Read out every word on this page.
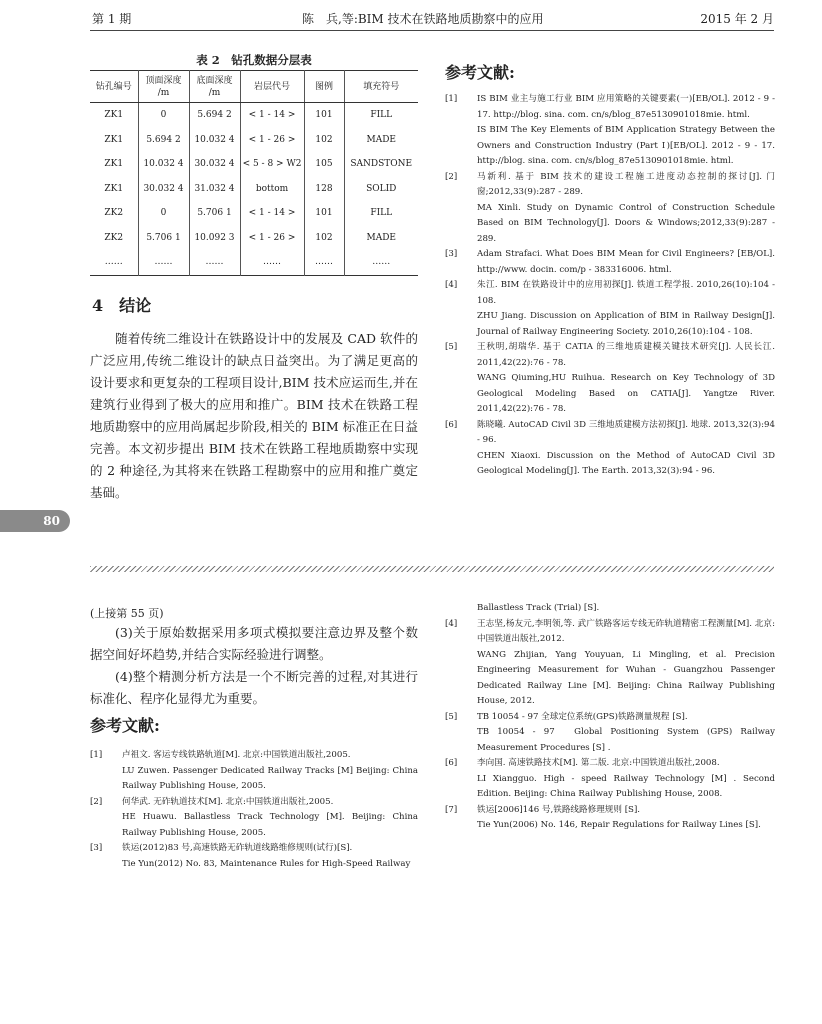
第 1 期	陈　兵,等:BIM 技术在铁路地质勘察中的应用	2015 年 2 月
表 2　钻孔数据分层表
钻孔编号	顶面深度 /m	底面深度 /m	岩层代号	图例	填充符号
ZK1	0	5.694 2	< 1 - 14 >	101	FILL
ZK1	5.694 2	10.032 4	< 1 - 26 >	102	MADE
ZK1	10.032 4	30.032 4	< 5 - 8 > W2	105	SANDSTONE
ZK1	30.032 4	31.032 4	bottom	128	SOLID
ZK2	0	5.706 1	< 1 - 14 >	101	FILL
ZK2	5.706 1	10.092 3	< 1 - 26 >	102	MADE
……	……	……	……	……	……
4　结论

随着传统二维设计在铁路设计中的发展及 CAD 软件的广泛应用,传统二维设计的缺点日益突出。为了满足更高的设计要求和更复杂的工程项目设计,BIM 技术应运而生,并在建筑行业得到了极大的应用和推广。BIM 技术在铁路工程地质勘察中的应用尚属起步阶段,相关的 BIM 标准正在日益完善。本文初步提出 BIM 技术在铁路工程地质勘察中实现的 2 种途径,为其将来在铁路工程勘察中的应用和推广奠定基础。

80
参考文献:
[1] IS BIM 业主与施工行业 BIM 应用策略的关键要素(一)[EB/OL]. 2012 - 9 - 17. http://blog. sina. com. cn/s/blog_87e5130901018mie. html.
IS BIM The Key Elements of BIM Application Strategy Between the Owners and Construction Industry (Part Ⅰ)[EB/OL]. 2012 - 9 - 17. http://blog. sina. com. cn/s/blog_87e5130901018mie. html.
[2] 马新利. 基于 BIM 技术的建设工程施工进度动态控制的探讨[J]. 门窗;2012,33(9):287 - 289.
MA Xinli. Study on Dynamic Control of Construction Schedule Based on BIM Technology[J]. Doors & Windows;2012,33(9):287 - 289.
[3] Adam Strafaci. What Does BIM Mean for Civil Engineers? [EB/OL]. http://www. docin. com/p - 383316006. html.
[4] 朱江. BIM 在铁路设计中的应用初探[J]. 铁道工程学报. 2010,26(10):104 - 108.
ZHU Jiang. Discussion on Application of BIM in Railway Design[J]. Journal of Railway Engineering Society. 2010,26(10):104 - 108.
[5] 王秋明,胡瑞华. 基于 CATIA 的三维地质建模关键技术研究[J]. 人民长江. 2011,42(22):76 - 78.
WANG Qiuming,HU Ruihua. Research on Key Technology of 3D Geological Modeling Based on CATIA[J]. Yangtze River. 2011,42(22):76 - 78.
[6] 陈晓曦. AutoCAD Civil 3D 三维地质建模方法初探[J]. 地球. 2013,32(3):94 - 96.
CHEN Xiaoxi. Discussion on the Method of AutoCAD Civil 3D Geological Modeling[J]. The Earth. 2013,32(3):94 - 96.
(上接第 55 页)

(3)关于原始数据采用多项式模拟要注意边界及整个数据空间好坏趋势,并结合实际经验进行调整。

(4)整个精测分析方法是一个不断完善的过程,对其进行标准化、程序化显得尤为重要。

参考文献:
[1] 卢祖文. 客运专线铁路轨道[M]. 北京:中国铁道出版社,2005.
LU Zuwen. Passenger Dedicated Railway Tracks [M] Beijing: China Railway Publishing House, 2005.
[2] 何华武. 无砟轨道技术[M]. 北京:中国铁道出版社,2005.
HE Huawu. Ballastless Track Technology [M]. Beijing: China Railway Publishing House, 2005.
[3] 铁运(2012)83 号,高速铁路无砟轨道线路维修规则(试行)[S].
Tie Yun(2012) No. 83, Maintenance Rules for High-Speed Railway
Ballastless Track (Trial) [S].
[4] 王志坚,杨友元,李明领,等. 武广铁路客运专线无砟轨道精密工程测量[M]. 北京:中国铁道出版社,2012.
WANG Zhijian, Yang Youyuan, Li Mingling, et al. Precision Engineering Measurement for Wuhan - Guangzhou Passenger Dedicated Railway Line [M]. Beijing: China Railway Publishing House, 2012.
[5] TB 10054 - 97 全球定位系统(GPS)铁路测量规程 [S].
TB 10054 - 97　Global Positioning System (GPS) Railway Measurement Procedures [S] .
[6] 李向国. 高速铁路技术[M]. 第二版. 北京:中国铁道出版社,2008.
LI Xiangguo. High - speed Railway Technology [M] . Second Edition. Beijing: China Railway Publishing House, 2008.
[7] 铁运[2006]146 号,铁路线路修理规则 [S].
Tie Yun(2006) No. 146, Repair Regulations for Railway Lines [S].
